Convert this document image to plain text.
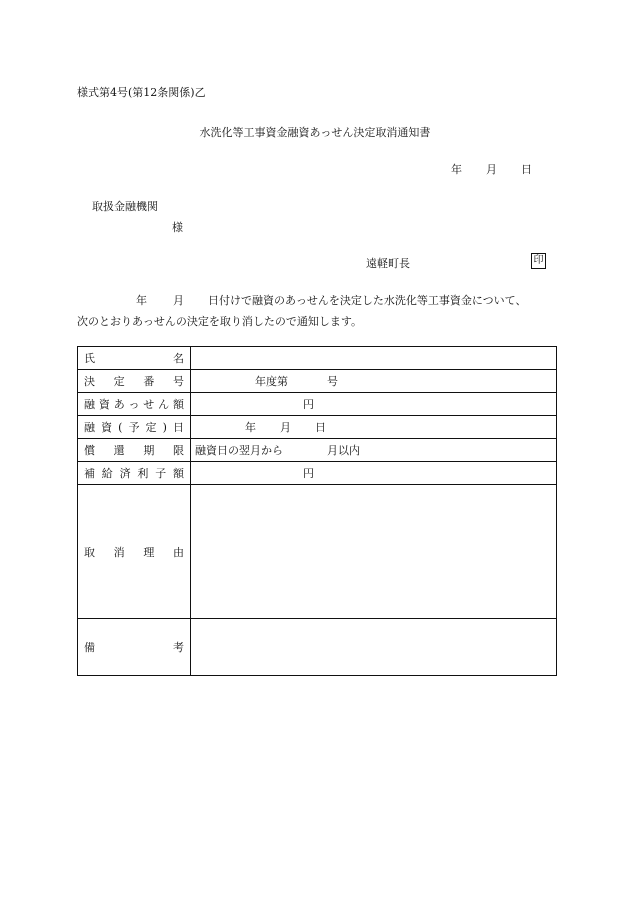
様式第4号(第12条関係)乙
水洗化等工事資金融資あっせん決定取消通知書
年 月 日
取扱金融機関
様
遠軽町長	印
年 月 日付けで融資のあっせんを決定した水洗化等工事資金について、
次のとおりあっせんの決定を取り消したので通知します。
氏名	
決定番号	年度第 号

融資あっせん額	円

融資(予定)日	年 月 日

償還期限	融資日の翌月から 月以内

補給済利子額	円

取消理由	
備考	
